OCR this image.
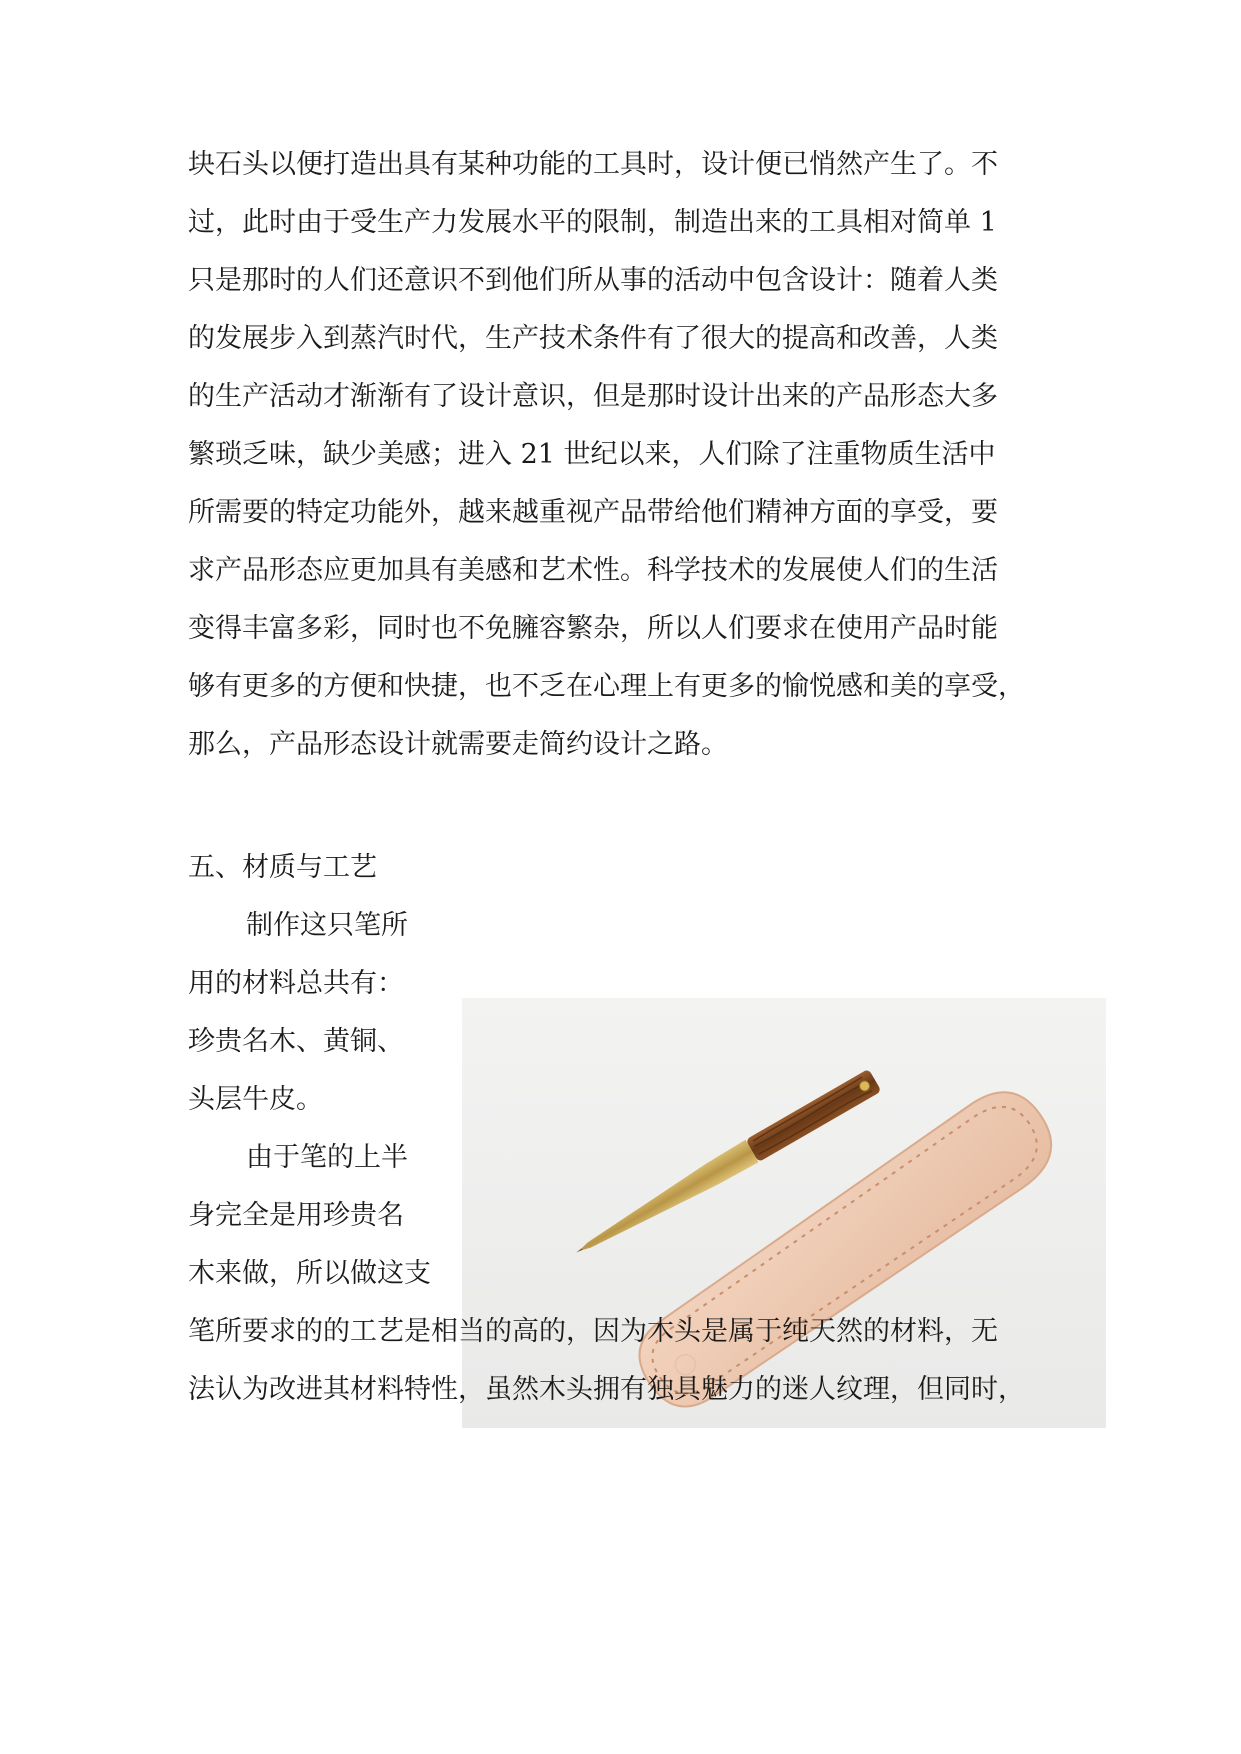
块石头以便打造出具有某种功能的工具时，设计便已悄然产生了。不
过，此时由于受生产力发展水平的限制，制造出来的工具相对简单 1
只是那时的人们还意识不到他们所从事的活动中包含设计：随着人类
的发展步入到蒸汽时代，生产技术条件有了很大的提高和改善，人类
的生产活动才渐渐有了设计意识，但是那时设计出来的产品形态大多
繁琐乏味，缺少美感；进入 21 世纪以来，人们除了注重物质生活中
所需要的特定功能外，越来越重视产品带给他们精神方面的享受，要
求产品形态应更加具有美感和艺术性。科学技术的发展使人们的生活
变得丰富多彩，同时也不免臃容繁杂，所以人们要求在使用产品时能
够有更多的方便和快捷，也不乏在心理上有更多的愉悦感和美的享受，
那么，产品形态设计就需要走简约设计之路。
五、材质与工艺
制作这只笔所
用的材料总共有：
珍贵名木、黄铜、
头层牛皮。
由于笔的上半
身完全是用珍贵名
木来做，所以做这支
笔所要求的的工艺是相当的高的，因为木头是属于纯天然的材料，无
法认为改进其材料特性，虽然木头拥有独具魅力的迷人纹理，但同时，
